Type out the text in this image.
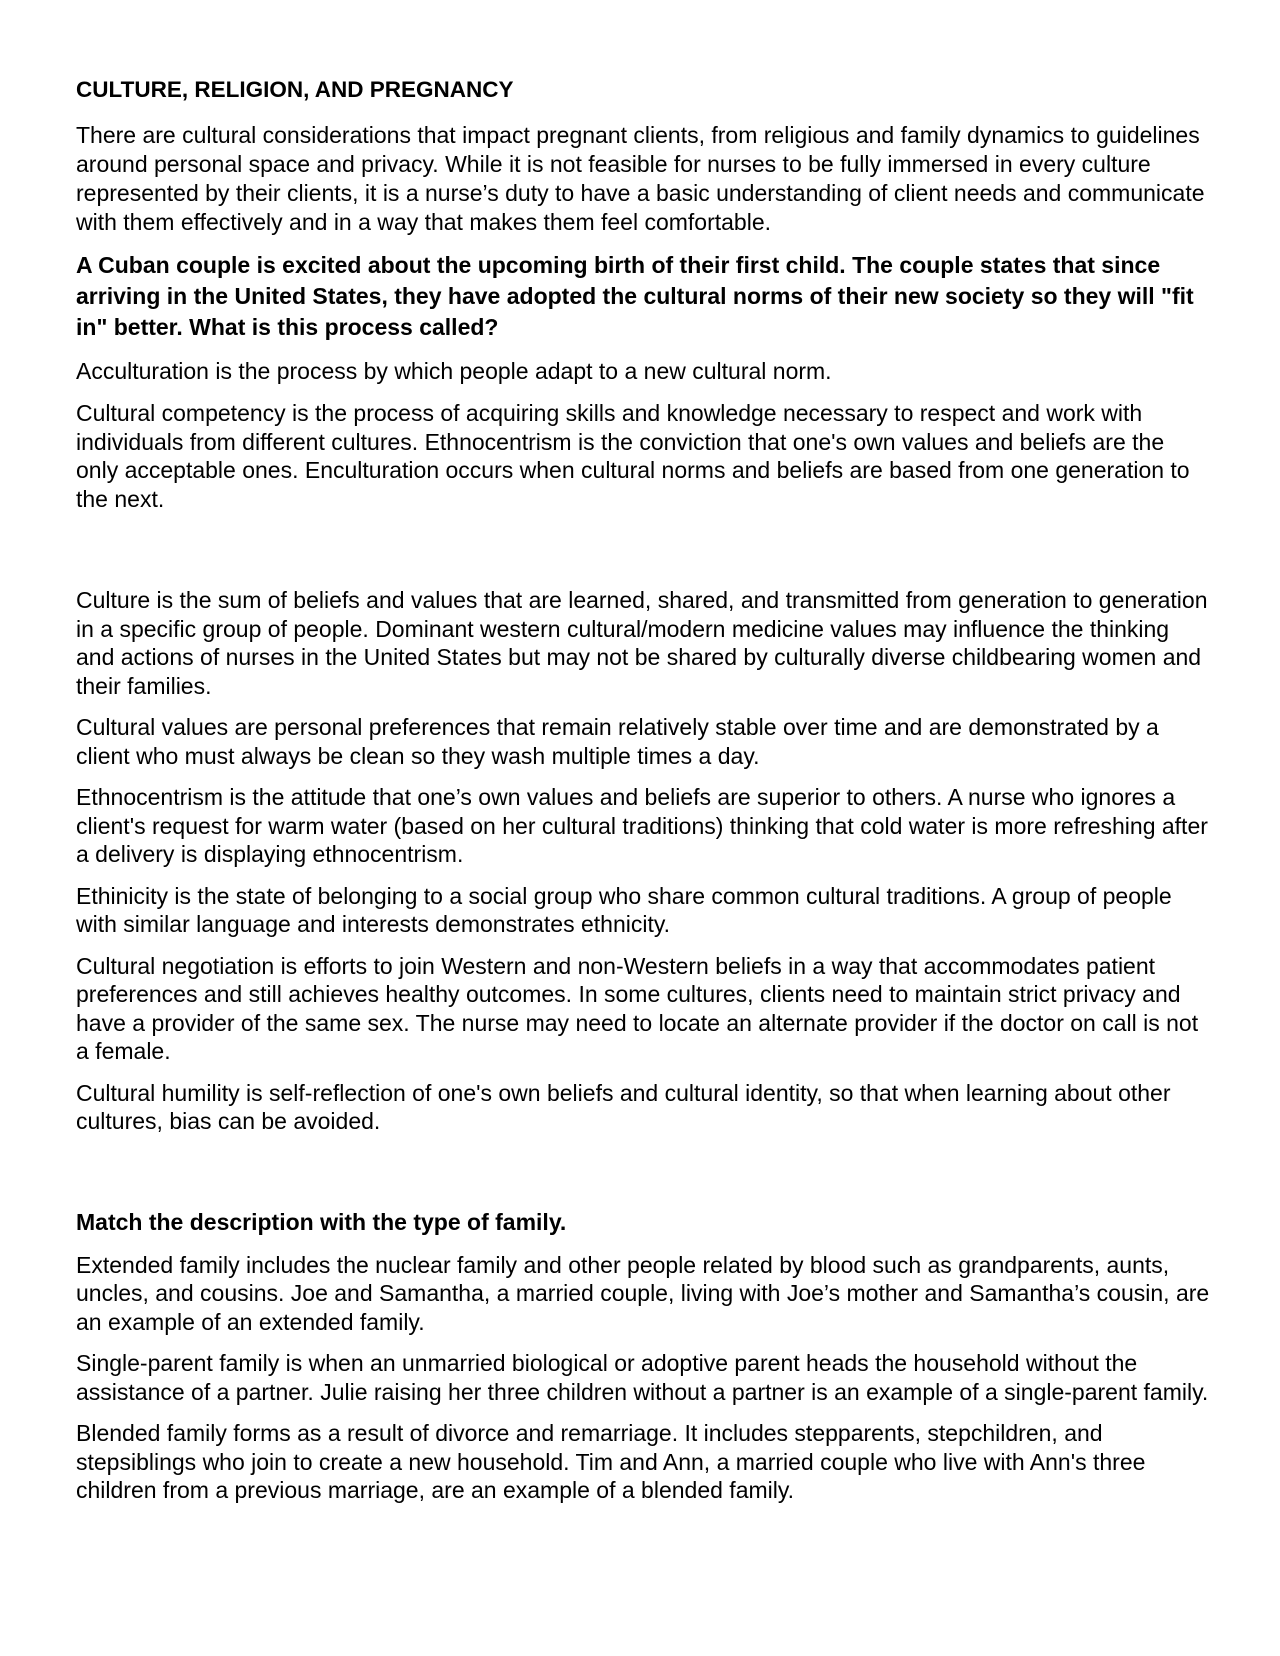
CULTURE, RELIGION, AND PREGNANCY

There are cultural considerations that impact pregnant clients, from religious and family dynamics to guidelines around personal space and privacy. While it is not feasible for nurses to be fully immersed in every culture represented by their clients, it is a nurse’s duty to have a basic understanding of client needs and communicate with them effectively and in a way that makes them feel comfortable.

A Cuban couple is excited about the upcoming birth of their first child. The couple states that since arriving in the United States, they have adopted the cultural norms of their new society so they will "fit in" better. What is this process called?

Acculturation is the process by which people adapt to a new cultural norm.

Cultural competency is the process of acquiring skills and knowledge necessary to respect and work with individuals from different cultures. Ethnocentrism is the conviction that one's own values and beliefs are the only acceptable ones. Enculturation occurs when cultural norms and beliefs are based from one generation to the next.

Culture is the sum of beliefs and values that are learned, shared, and transmitted from generation to generation in a specific group of people. Dominant western cultural/modern medicine values may influence the thinking and actions of nurses in the United States but may not be shared by culturally diverse childbearing women and their families.

Cultural values are personal preferences that remain relatively stable over time and are demonstrated by a client who must always be clean so they wash multiple times a day.

Ethnocentrism is the attitude that one’s own values and beliefs are superior to others. A nurse who ignores a client's request for warm water (based on her cultural traditions) thinking that cold water is more refreshing after a delivery is displaying ethnocentrism.

Ethinicity is the state of belonging to a social group who share common cultural traditions. A group of people with similar language and interests demonstrates ethnicity.

Cultural negotiation is efforts to join Western and non-Western beliefs in a way that accommodates patient preferences and still achieves healthy outcomes. In some cultures, clients need to maintain strict privacy and have a provider of the same sex. The nurse may need to locate an alternate provider if the doctor on call is not a female.

Cultural humility is self-reflection of one's own beliefs and cultural identity, so that when learning about other cultures, bias can be avoided.

Match the description with the type of family.

Extended family includes the nuclear family and other people related by blood such as grandparents, aunts, uncles, and cousins. Joe and Samantha, a married couple, living with Joe’s mother and Samantha’s cousin, are an example of an extended family.

Single-parent family is when an unmarried biological or adoptive parent heads the household without the assistance of a partner. Julie raising her three children without a partner is an example of a single-parent family.

Blended family forms as a result of divorce and remarriage. It includes stepparents, stepchildren, and stepsiblings who join to create a new household. Tim and Ann, a married couple who live with Ann's three children from a previous marriage, are an example of a blended family.
